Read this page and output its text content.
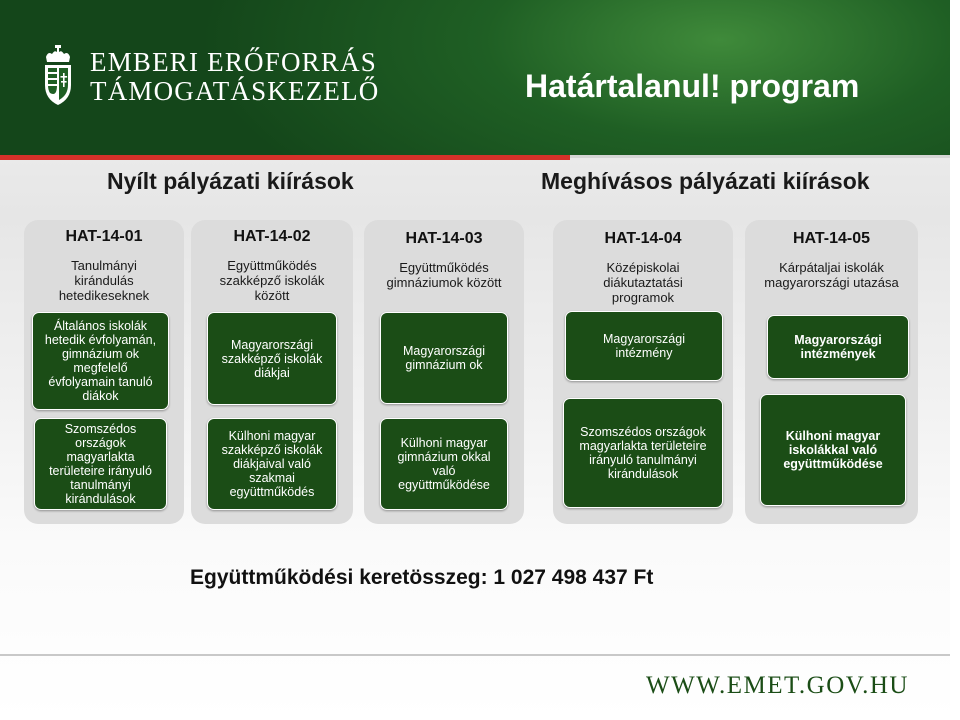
EMBERI ERŐFORRÁS
TÁMOGATÁSKEZELŐ	Határtalanul! program
Nyílt pályázati kiírások	Meghívásos pályázati kiírások
HAT-14-01
Tanulmányi
kirándulás
hetedikeseknek
Általános iskolák
hetedik évfolyamán,
gimnázium ok
megfelelő
évfolyamain tanuló
diákok
Szomszédos
országok
magyarlakta
területeire irányuló
tanulmányi
kirándulások
HAT-14-02
Együttműködés
szakképző iskolák
között
Magyarországi
szakképző iskolák
diákjai
Külhoni magyar
szakképző iskolák
diákjaival való
szakmai
együttműködés
HAT-14-03
Együttműködés
gimnáziumok között
Magyarországi
gimnázium ok
Külhoni magyar
gimnázium okkal
való
együttműködése
HAT-14-04
Középiskolai
diákutaztatási
programok
Magyarországi
intézmény
Szomszédos országok
magyarlakta területeire
irányuló tanulmányi
kirándulások
HAT-14-05
Kárpátaljai iskolák
magyarországi utazása
Magyarországi
intézmények
Külhoni magyar
iskolákkal való
együttműködése
Együttműködési keretösszeg: 1 027 498 437 Ft
WWW.EMET.GOV.HU
